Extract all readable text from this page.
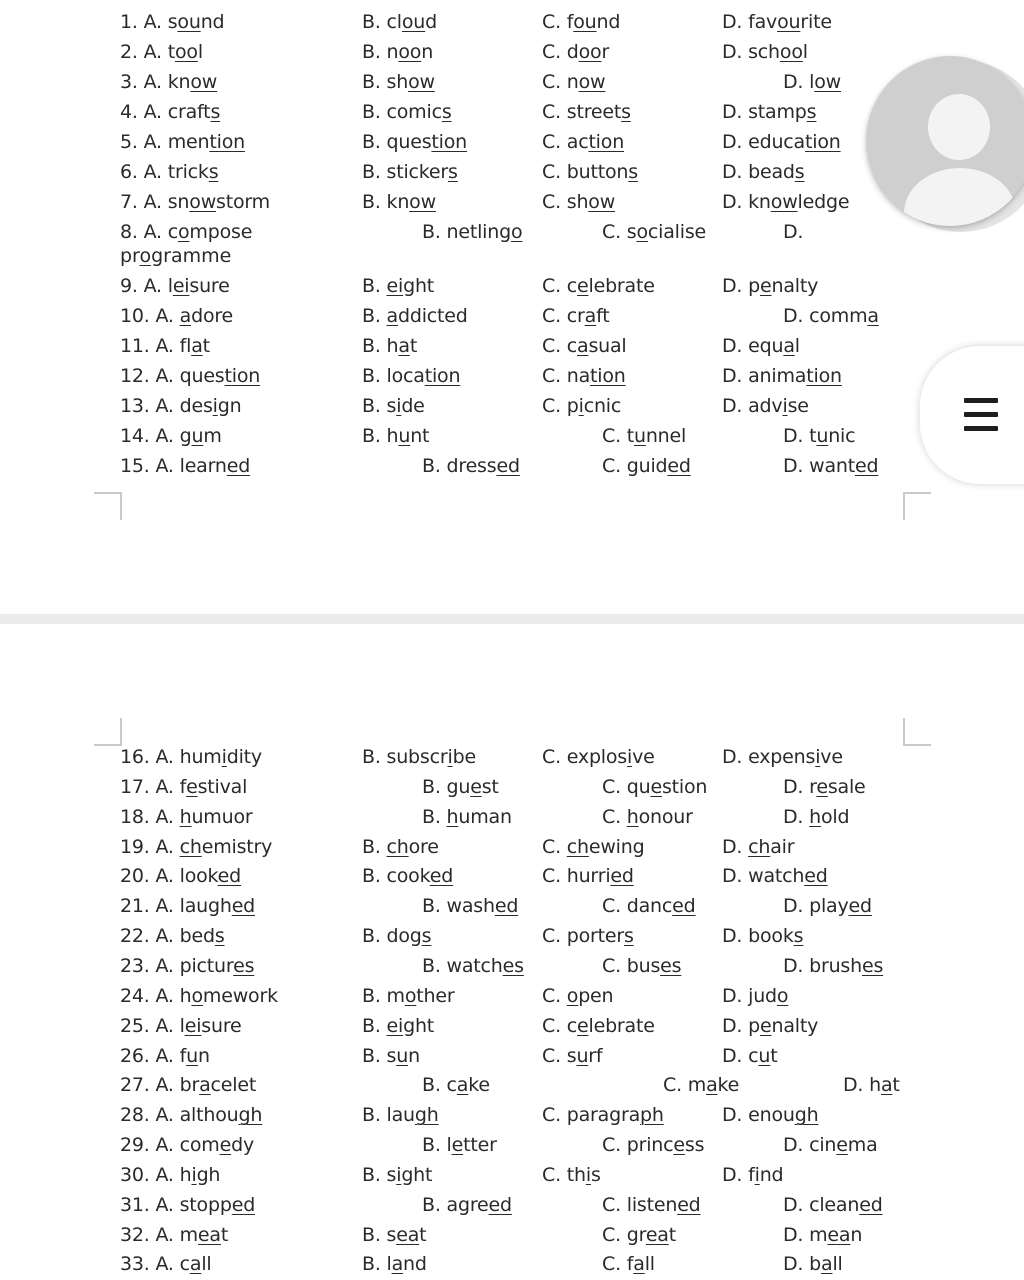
1. A. sound	B. cloud	C. found	D. favourite
2. A. tool	B. noon	C. door	D. school
3. A. know	B. show	C. now	D. low
4. A. crafts	B. comics	C. streets	D. stamps
5. A. mention	B. question	C. action	D. education
6. A. tricks	B. stickers	C. buttons	D. beads
7. A. snowstorm	B. know	C. show	D. knowledge
8. A. compose	B. netlingo	C. socialise	D.
programme
9. A. leisure	B. eight	C. celebrate	D. penalty
10. A. adore	B. addicted	C. craft	D. comma
11. A. flat	B. hat	C. casual	D. equal
12. A. question	B. location	C. nation	D. animation
13. A. design	B. side	C. picnic	D. advise
14. A. gum	B. hunt	C. tunnel	D. tunic
15. A. learned	B. dressed	C. guided	D. wanted
16. A. humidity	B. subscribe	C. explosive	D. expensive
17. A. festival	B. guest	C. question	D. resale
18. A. humuor	B. human	C. honour	D. hold
19. A. chemistry	B. chore	C. chewing	D. chair
20. A. looked	B. cooked	C. hurried	D. watched
21. A. laughed	B. washed	C. danced	D. played
22. A. beds	B. dogs	C. porters	D. books
23. A. pictures	B. watches	C. buses	D. brushes
24. A. homework	B. mother	C. open	D. judo
25. A. leisure	B. eight	C. celebrate	D. penalty
26. A. fun	B. sun	C. surf	D. cut
27. A. bracelet	B. cake	C. make	D. hat
28. A. although	B. laugh	C. paragraph	D. enough
29. A. comedy	B. letter	C. princess	D. cinema
30. A. high	B. sight	C. this	D. find
31. A. stopped	B. agreed	C. listened	D. cleaned
32. A. meat	B. seat	C. great	D. mean
33. A. call	B. land	C. fall	D. ball
